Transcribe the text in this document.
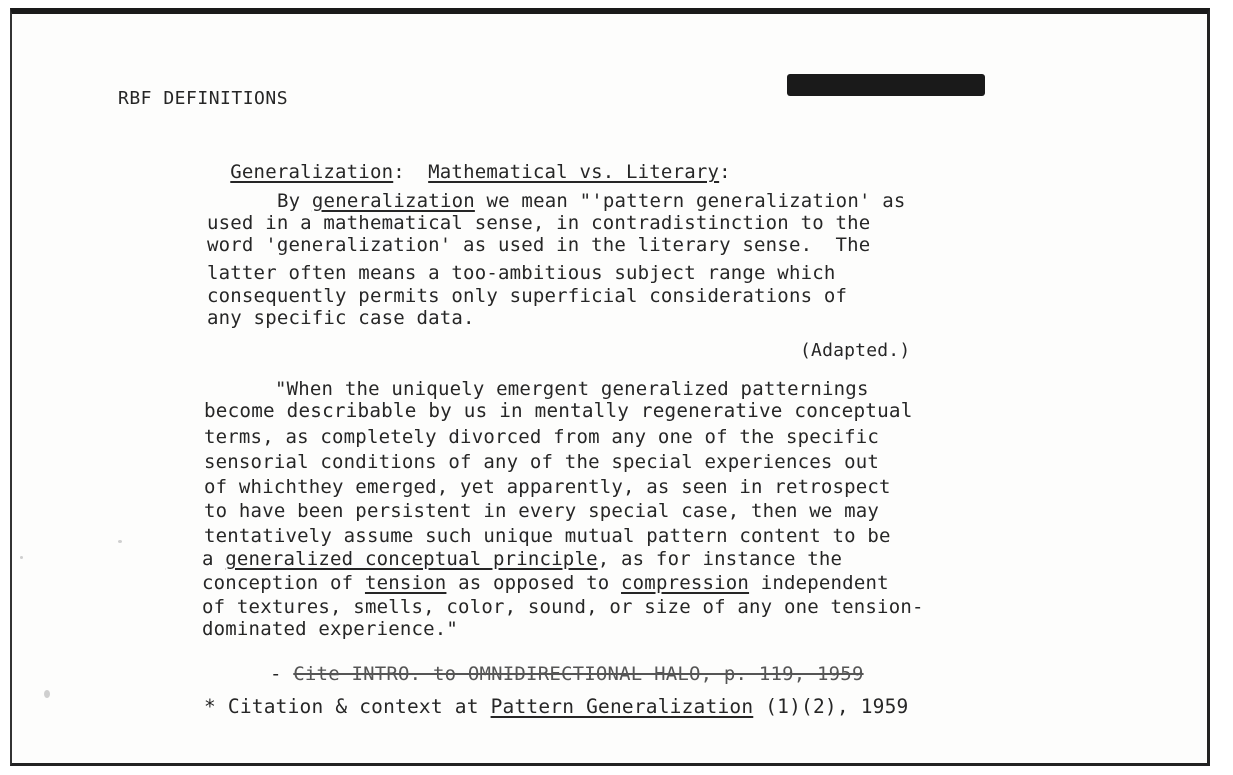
RBF DEFINITIONS

Generalization: Mathematical vs. Literary:

By generalization we mean "'pattern generalization' as
used in a mathematical sense, in contradistinction to the
word 'generalization' as used in the literary sense.  The
latter often means a too-ambitious subject range which
consequently permits only superficial considerations of
any specific case data.
(Adapted.)
"When the uniquely emergent generalized patternings
become describable by us in mentally regenerative conceptual
terms, as completely divorced from any one of the specific
sensorial conditions of any of the special experiences out
of whichthey emerged, yet apparently, as seen in retrospect
to have been persistent in every special case, then we may
tentatively assume such unique mutual pattern content to be
a generalized conceptual principle, as for instance the
conception of tension as opposed to compression independent
of textures, smells, color, sound, or size of any one tension-
dominated experience."
- Cite INTRO. to OMNIDIRECTIONAL HALO, p. 119, 1959
* Citation & context at Pattern Generalization (1)(2), 1959
